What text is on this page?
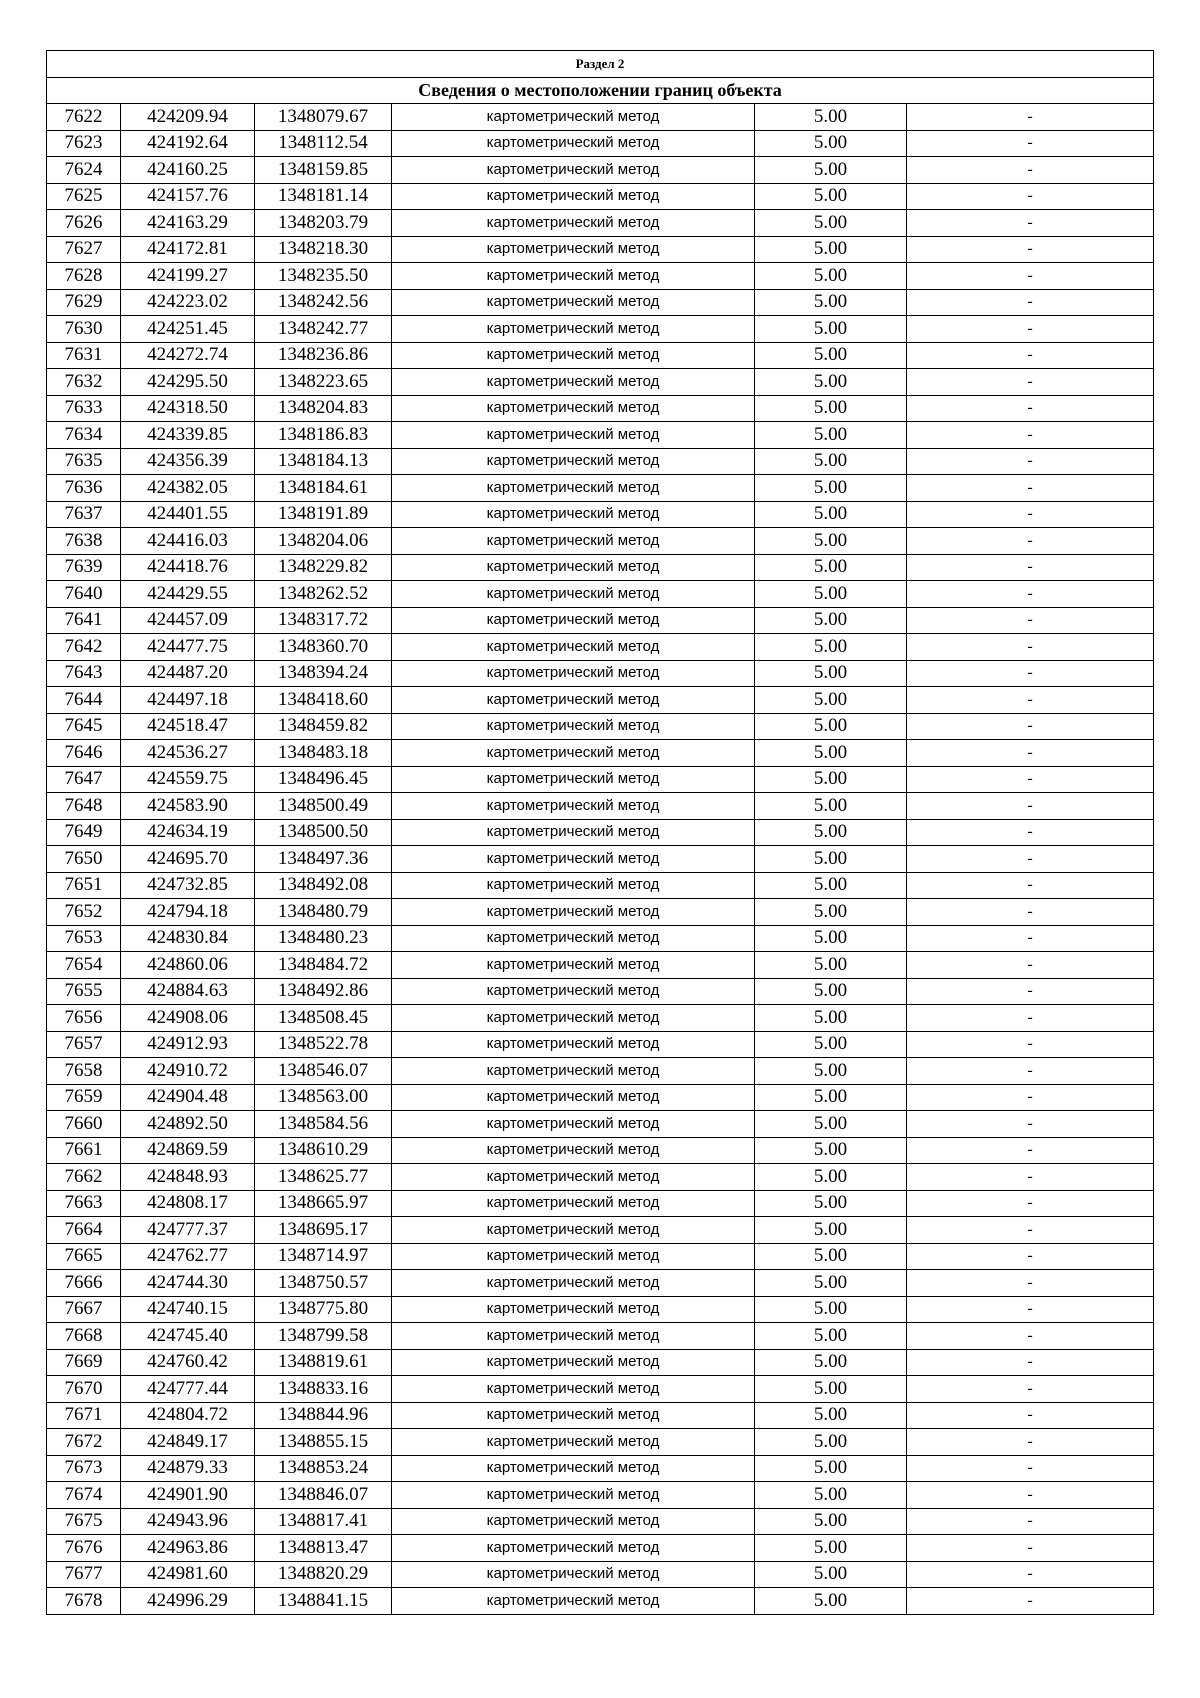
Раздел 2					
Сведения о местоположении границ объекта					
7622	424209.94	1348079.67	картометрический метод	5.00	-
7623	424192.64	1348112.54	картометрический метод	5.00	-
7624	424160.25	1348159.85	картометрический метод	5.00	-
7625	424157.76	1348181.14	картометрический метод	5.00	-
7626	424163.29	1348203.79	картометрический метод	5.00	-
7627	424172.81	1348218.30	картометрический метод	5.00	-
7628	424199.27	1348235.50	картометрический метод	5.00	-
7629	424223.02	1348242.56	картометрический метод	5.00	-
7630	424251.45	1348242.77	картометрический метод	5.00	-
7631	424272.74	1348236.86	картометрический метод	5.00	-
7632	424295.50	1348223.65	картометрический метод	5.00	-
7633	424318.50	1348204.83	картометрический метод	5.00	-
7634	424339.85	1348186.83	картометрический метод	5.00	-
7635	424356.39	1348184.13	картометрический метод	5.00	-
7636	424382.05	1348184.61	картометрический метод	5.00	-
7637	424401.55	1348191.89	картометрический метод	5.00	-
7638	424416.03	1348204.06	картометрический метод	5.00	-
7639	424418.76	1348229.82	картометрический метод	5.00	-
7640	424429.55	1348262.52	картометрический метод	5.00	-
7641	424457.09	1348317.72	картометрический метод	5.00	-
7642	424477.75	1348360.70	картометрический метод	5.00	-
7643	424487.20	1348394.24	картометрический метод	5.00	-
7644	424497.18	1348418.60	картометрический метод	5.00	-
7645	424518.47	1348459.82	картометрический метод	5.00	-
7646	424536.27	1348483.18	картометрический метод	5.00	-
7647	424559.75	1348496.45	картометрический метод	5.00	-
7648	424583.90	1348500.49	картометрический метод	5.00	-
7649	424634.19	1348500.50	картометрический метод	5.00	-
7650	424695.70	1348497.36	картометрический метод	5.00	-
7651	424732.85	1348492.08	картометрический метод	5.00	-
7652	424794.18	1348480.79	картометрический метод	5.00	-
7653	424830.84	1348480.23	картометрический метод	5.00	-
7654	424860.06	1348484.72	картометрический метод	5.00	-
7655	424884.63	1348492.86	картометрический метод	5.00	-
7656	424908.06	1348508.45	картометрический метод	5.00	-
7657	424912.93	1348522.78	картометрический метод	5.00	-
7658	424910.72	1348546.07	картометрический метод	5.00	-
7659	424904.48	1348563.00	картометрический метод	5.00	-
7660	424892.50	1348584.56	картометрический метод	5.00	-
7661	424869.59	1348610.29	картометрический метод	5.00	-
7662	424848.93	1348625.77	картометрический метод	5.00	-
7663	424808.17	1348665.97	картометрический метод	5.00	-
7664	424777.37	1348695.17	картометрический метод	5.00	-
7665	424762.77	1348714.97	картометрический метод	5.00	-
7666	424744.30	1348750.57	картометрический метод	5.00	-
7667	424740.15	1348775.80	картометрический метод	5.00	-
7668	424745.40	1348799.58	картометрический метод	5.00	-
7669	424760.42	1348819.61	картометрический метод	5.00	-
7670	424777.44	1348833.16	картометрический метод	5.00	-
7671	424804.72	1348844.96	картометрический метод	5.00	-
7672	424849.17	1348855.15	картометрический метод	5.00	-
7673	424879.33	1348853.24	картометрический метод	5.00	-
7674	424901.90	1348846.07	картометрический метод	5.00	-
7675	424943.96	1348817.41	картометрический метод	5.00	-
7676	424963.86	1348813.47	картометрический метод	5.00	-
7677	424981.60	1348820.29	картометрический метод	5.00	-
7678	424996.29	1348841.15	картометрический метод	5.00	-
